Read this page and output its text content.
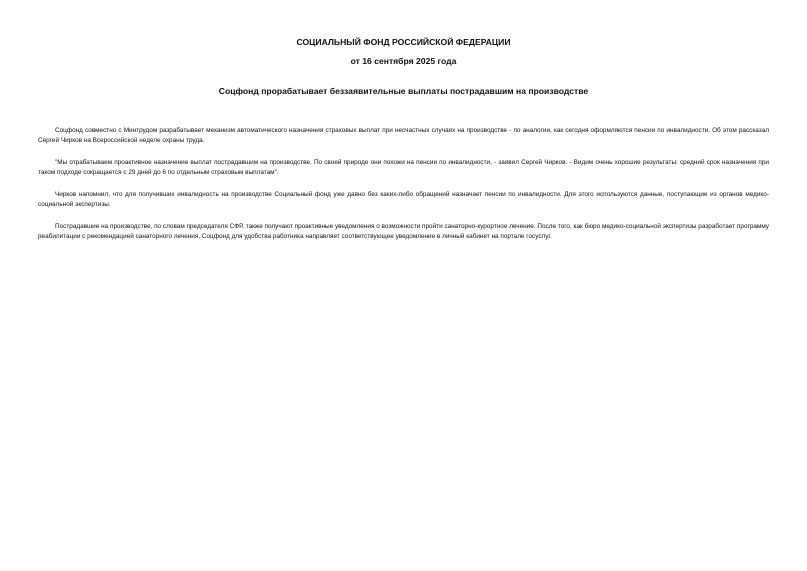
СОЦИАЛЬНЫЙ ФОНД РОССИЙСКОЙ ФЕДЕРАЦИИ
от 16 сентября 2025 года
Соцфонд прорабатывает беззаявительные выплаты пострадавшим на производстве

Соцфонд совместно с Минтрудом разрабатывает механизм автоматического назначения страховых выплат при несчастных случаях на производстве - по аналогии, как сегодня оформляются пенсии по инвалидности. Об этом рассказал Сергей Чирков на Всероссийской неделе охраны труда.

"Мы отрабатываем проактивное назначение выплат пострадавшим на производстве. По своей природе они похожи на пенсии по инвалидности, - заявил Сергей Чирков. - Видим очень хорошие результаты: средний срок назначения при таком подходе сокращается с 29 дней до 6 по отдельным страховым выплатам".

Чирков напомнил, что для получивших инвалидность на производстве Социальный фонд уже давно без каких-либо обращений назначает пенсии по инвалидности. Для этого используются данные, поступающие из органов медико-социальной экспертизы.

Пострадавшие на производстве, по словам председателя СФР, также получают проактивные уведомления о возможности пройти санаторно-курортное лечение. После того, как бюро медико-социальной экспертизы разработает программу реабилитации с рекомендацией санаторного лечения, Соцфонд для удобства работника направляет соответствующее уведомление в личный кабинет на портале госуслуг.
